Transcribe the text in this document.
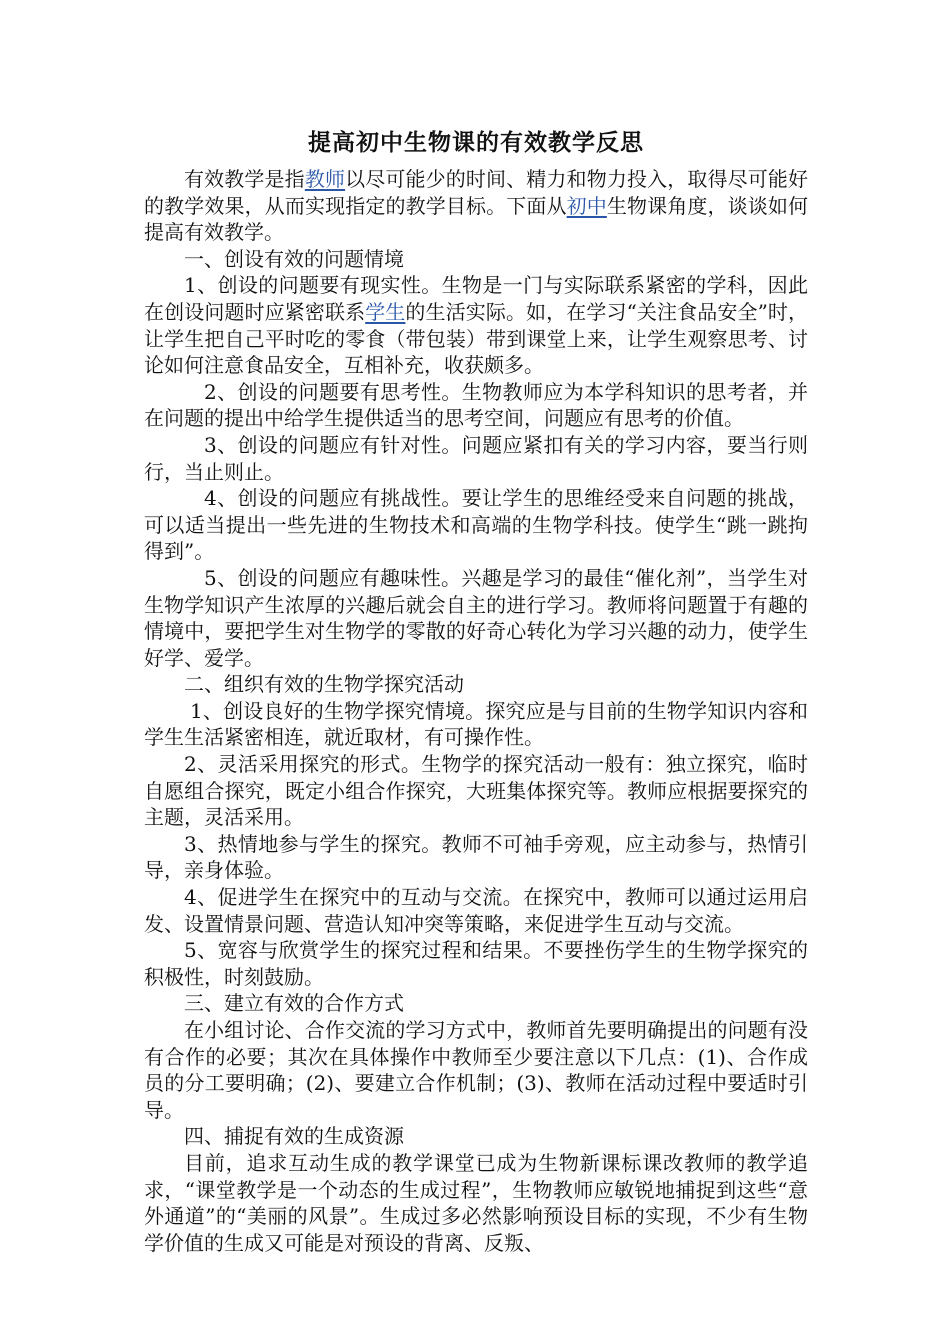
提高初中生物课的有效教学反思

有效教学是指教师以尽可能少的时间、精力和物力投入，取得尽可能好的教学效果，从而实现指定的教学目标。下面从初中生物课角度，谈谈如何提高有效教学。

一、创设有效的问题情境

1、创设的问题要有现实性。生物是一门与实际联系紧密的学科，因此在创设问题时应紧密联系学生的生活实际。如，在学习“关注食品安全”时，让学生把自己平时吃的零食（带包装）带到课堂上来，让学生观察思考、讨论如何注意食品安全，互相补充，收获颇多。

2、创设的问题要有思考性。生物教师应为本学科知识的思考者，并在问题的提出中给学生提供适当的思考空间，问题应有思考的价值。

3、创设的问题应有针对性。问题应紧扣有关的学习内容，要当行则行，当止则止。

4、创设的问题应有挑战性。要让学生的思维经受来自问题的挑战，可以适当提出一些先进的生物技术和高端的生物学科技。使学生“跳一跳拘得到”。

5、创设的问题应有趣味性。兴趣是学习的最佳“催化剂”，当学生对生物学知识产生浓厚的兴趣后就会自主的进行学习。教师将问题置于有趣的情境中，要把学生对生物学的零散的好奇心转化为学习兴趣的动力，使学生好学、爱学。

二、组织有效的生物学探究活动

1、创设良好的生物学探究情境。探究应是与目前的生物学知识内容和学生生活紧密相连，就近取材，有可操作性。

2、灵活采用探究的形式。生物学的探究活动一般有：独立探究，临时自愿组合探究，既定小组合作探究，大班集体探究等。教师应根据要探究的主题，灵活采用。

3、热情地参与学生的探究。教师不可袖手旁观，应主动参与，热情引导，亲身体验。

4、促进学生在探究中的互动与交流。在探究中，教师可以通过运用启发、设置情景问题、营造认知冲突等策略，来促进学生互动与交流。

5、宽容与欣赏学生的探究过程和结果。不要挫伤学生的生物学探究的积极性，时刻鼓励。

三、建立有效的合作方式

在小组讨论、合作交流的学习方式中，教师首先要明确提出的问题有没有合作的必要；其次在具体操作中教师至少要注意以下几点：(1)、合作成员的分工要明确；(2)、要建立合作机制；(3)、教师在活动过程中要适时引导。

四、捕捉有效的生成资源

目前，追求互动生成的教学课堂已成为生物新课标课改教师的教学追求，“课堂教学是一个动态的生成过程”，生物教师应敏锐地捕捉到这些“意外通道”的“美丽的风景”。生成过多必然影响预设目标的实现，不少有生物学价值的生成又可能是对预设的背离、反叛、
